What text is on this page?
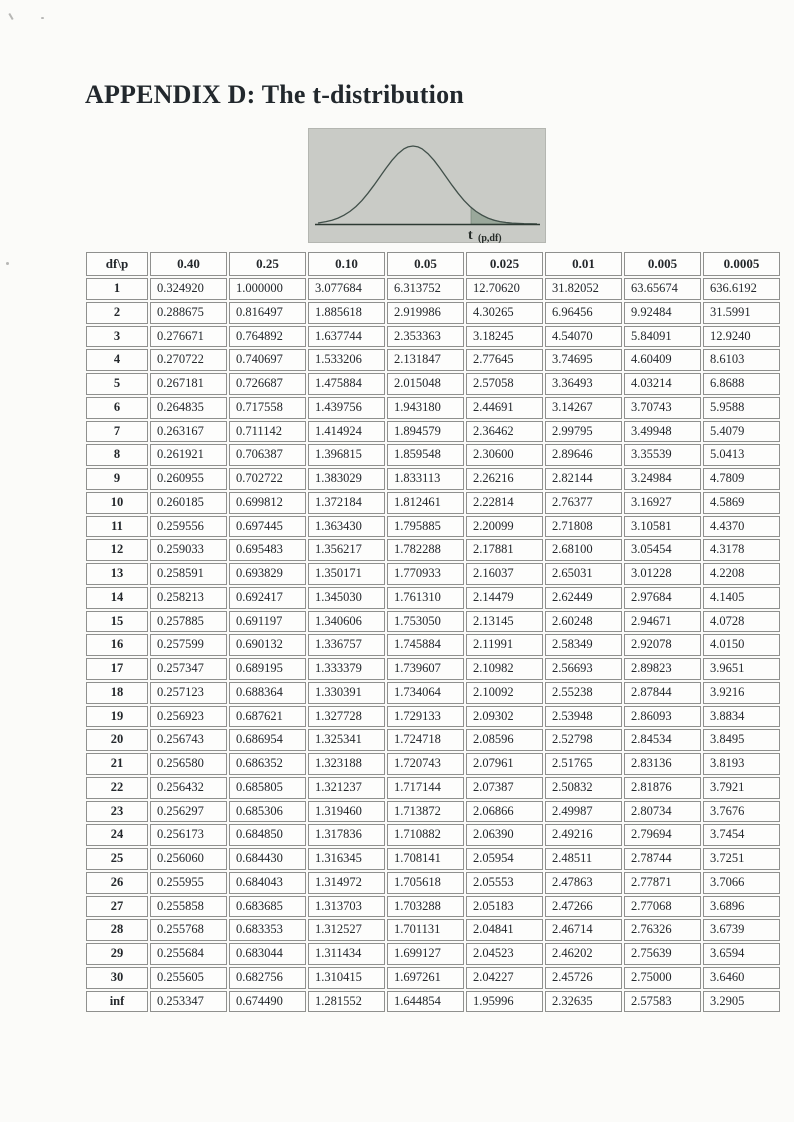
APPENDIX D: The t-distribution
t (p,df)
df\p	0.40	0.25	0.10	0.05	0.025	0.01	0.005	0.0005
1	0.324920	1.000000	3.077684	6.313752	12.70620	31.82052	63.65674	636.6192
2	0.288675	0.816497	1.885618	2.919986	4.30265	6.96456	9.92484	31.5991
3	0.276671	0.764892	1.637744	2.353363	3.18245	4.54070	5.84091	12.9240
4	0.270722	0.740697	1.533206	2.131847	2.77645	3.74695	4.60409	8.6103
5	0.267181	0.726687	1.475884	2.015048	2.57058	3.36493	4.03214	6.8688
6	0.264835	0.717558	1.439756	1.943180	2.44691	3.14267	3.70743	5.9588
7	0.263167	0.711142	1.414924	1.894579	2.36462	2.99795	3.49948	5.4079
8	0.261921	0.706387	1.396815	1.859548	2.30600	2.89646	3.35539	5.0413
9	0.260955	0.702722	1.383029	1.833113	2.26216	2.82144	3.24984	4.7809
10	0.260185	0.699812	1.372184	1.812461	2.22814	2.76377	3.16927	4.5869
11	0.259556	0.697445	1.363430	1.795885	2.20099	2.71808	3.10581	4.4370
12	0.259033	0.695483	1.356217	1.782288	2.17881	2.68100	3.05454	4.3178
13	0.258591	0.693829	1.350171	1.770933	2.16037	2.65031	3.01228	4.2208
14	0.258213	0.692417	1.345030	1.761310	2.14479	2.62449	2.97684	4.1405
15	0.257885	0.691197	1.340606	1.753050	2.13145	2.60248	2.94671	4.0728
16	0.257599	0.690132	1.336757	1.745884	2.11991	2.58349	2.92078	4.0150
17	0.257347	0.689195	1.333379	1.739607	2.10982	2.56693	2.89823	3.9651
18	0.257123	0.688364	1.330391	1.734064	2.10092	2.55238	2.87844	3.9216
19	0.256923	0.687621	1.327728	1.729133	2.09302	2.53948	2.86093	3.8834
20	0.256743	0.686954	1.325341	1.724718	2.08596	2.52798	2.84534	3.8495
21	0.256580	0.686352	1.323188	1.720743	2.07961	2.51765	2.83136	3.8193
22	0.256432	0.685805	1.321237	1.717144	2.07387	2.50832	2.81876	3.7921
23	0.256297	0.685306	1.319460	1.713872	2.06866	2.49987	2.80734	3.7676
24	0.256173	0.684850	1.317836	1.710882	2.06390	2.49216	2.79694	3.7454
25	0.256060	0.684430	1.316345	1.708141	2.05954	2.48511	2.78744	3.7251
26	0.255955	0.684043	1.314972	1.705618	2.05553	2.47863	2.77871	3.7066
27	0.255858	0.683685	1.313703	1.703288	2.05183	2.47266	2.77068	3.6896
28	0.255768	0.683353	1.312527	1.701131	2.04841	2.46714	2.76326	3.6739
29	0.255684	0.683044	1.311434	1.699127	2.04523	2.46202	2.75639	3.6594
30	0.255605	0.682756	1.310415	1.697261	2.04227	2.45726	2.75000	3.6460
inf	0.253347	0.674490	1.281552	1.644854	1.95996	2.32635	2.57583	3.2905
